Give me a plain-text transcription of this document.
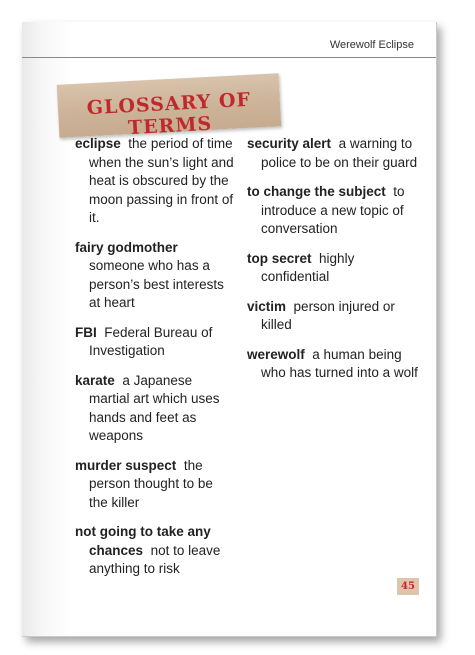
Werewolf Eclipse
GLOSSARY OF TERMS
eclipse the period of time when the sun’s light and heat is obscured by the moon passing in front of it.
fairy godmother  someone who has a person’s best interests at heart
FBI Federal Bureau of Investigation
karate a Japanese martial art which uses hands and feet as weapons
murder suspect the person thought to be the killer
not going to take any chances not to leave anything to risk
security alert a warning to police to be on their guard
to change the subject to introduce a new topic of conversation
top secret highly confidential
victim person injured or killed
werewolf a human being who has turned into a wolf
45
